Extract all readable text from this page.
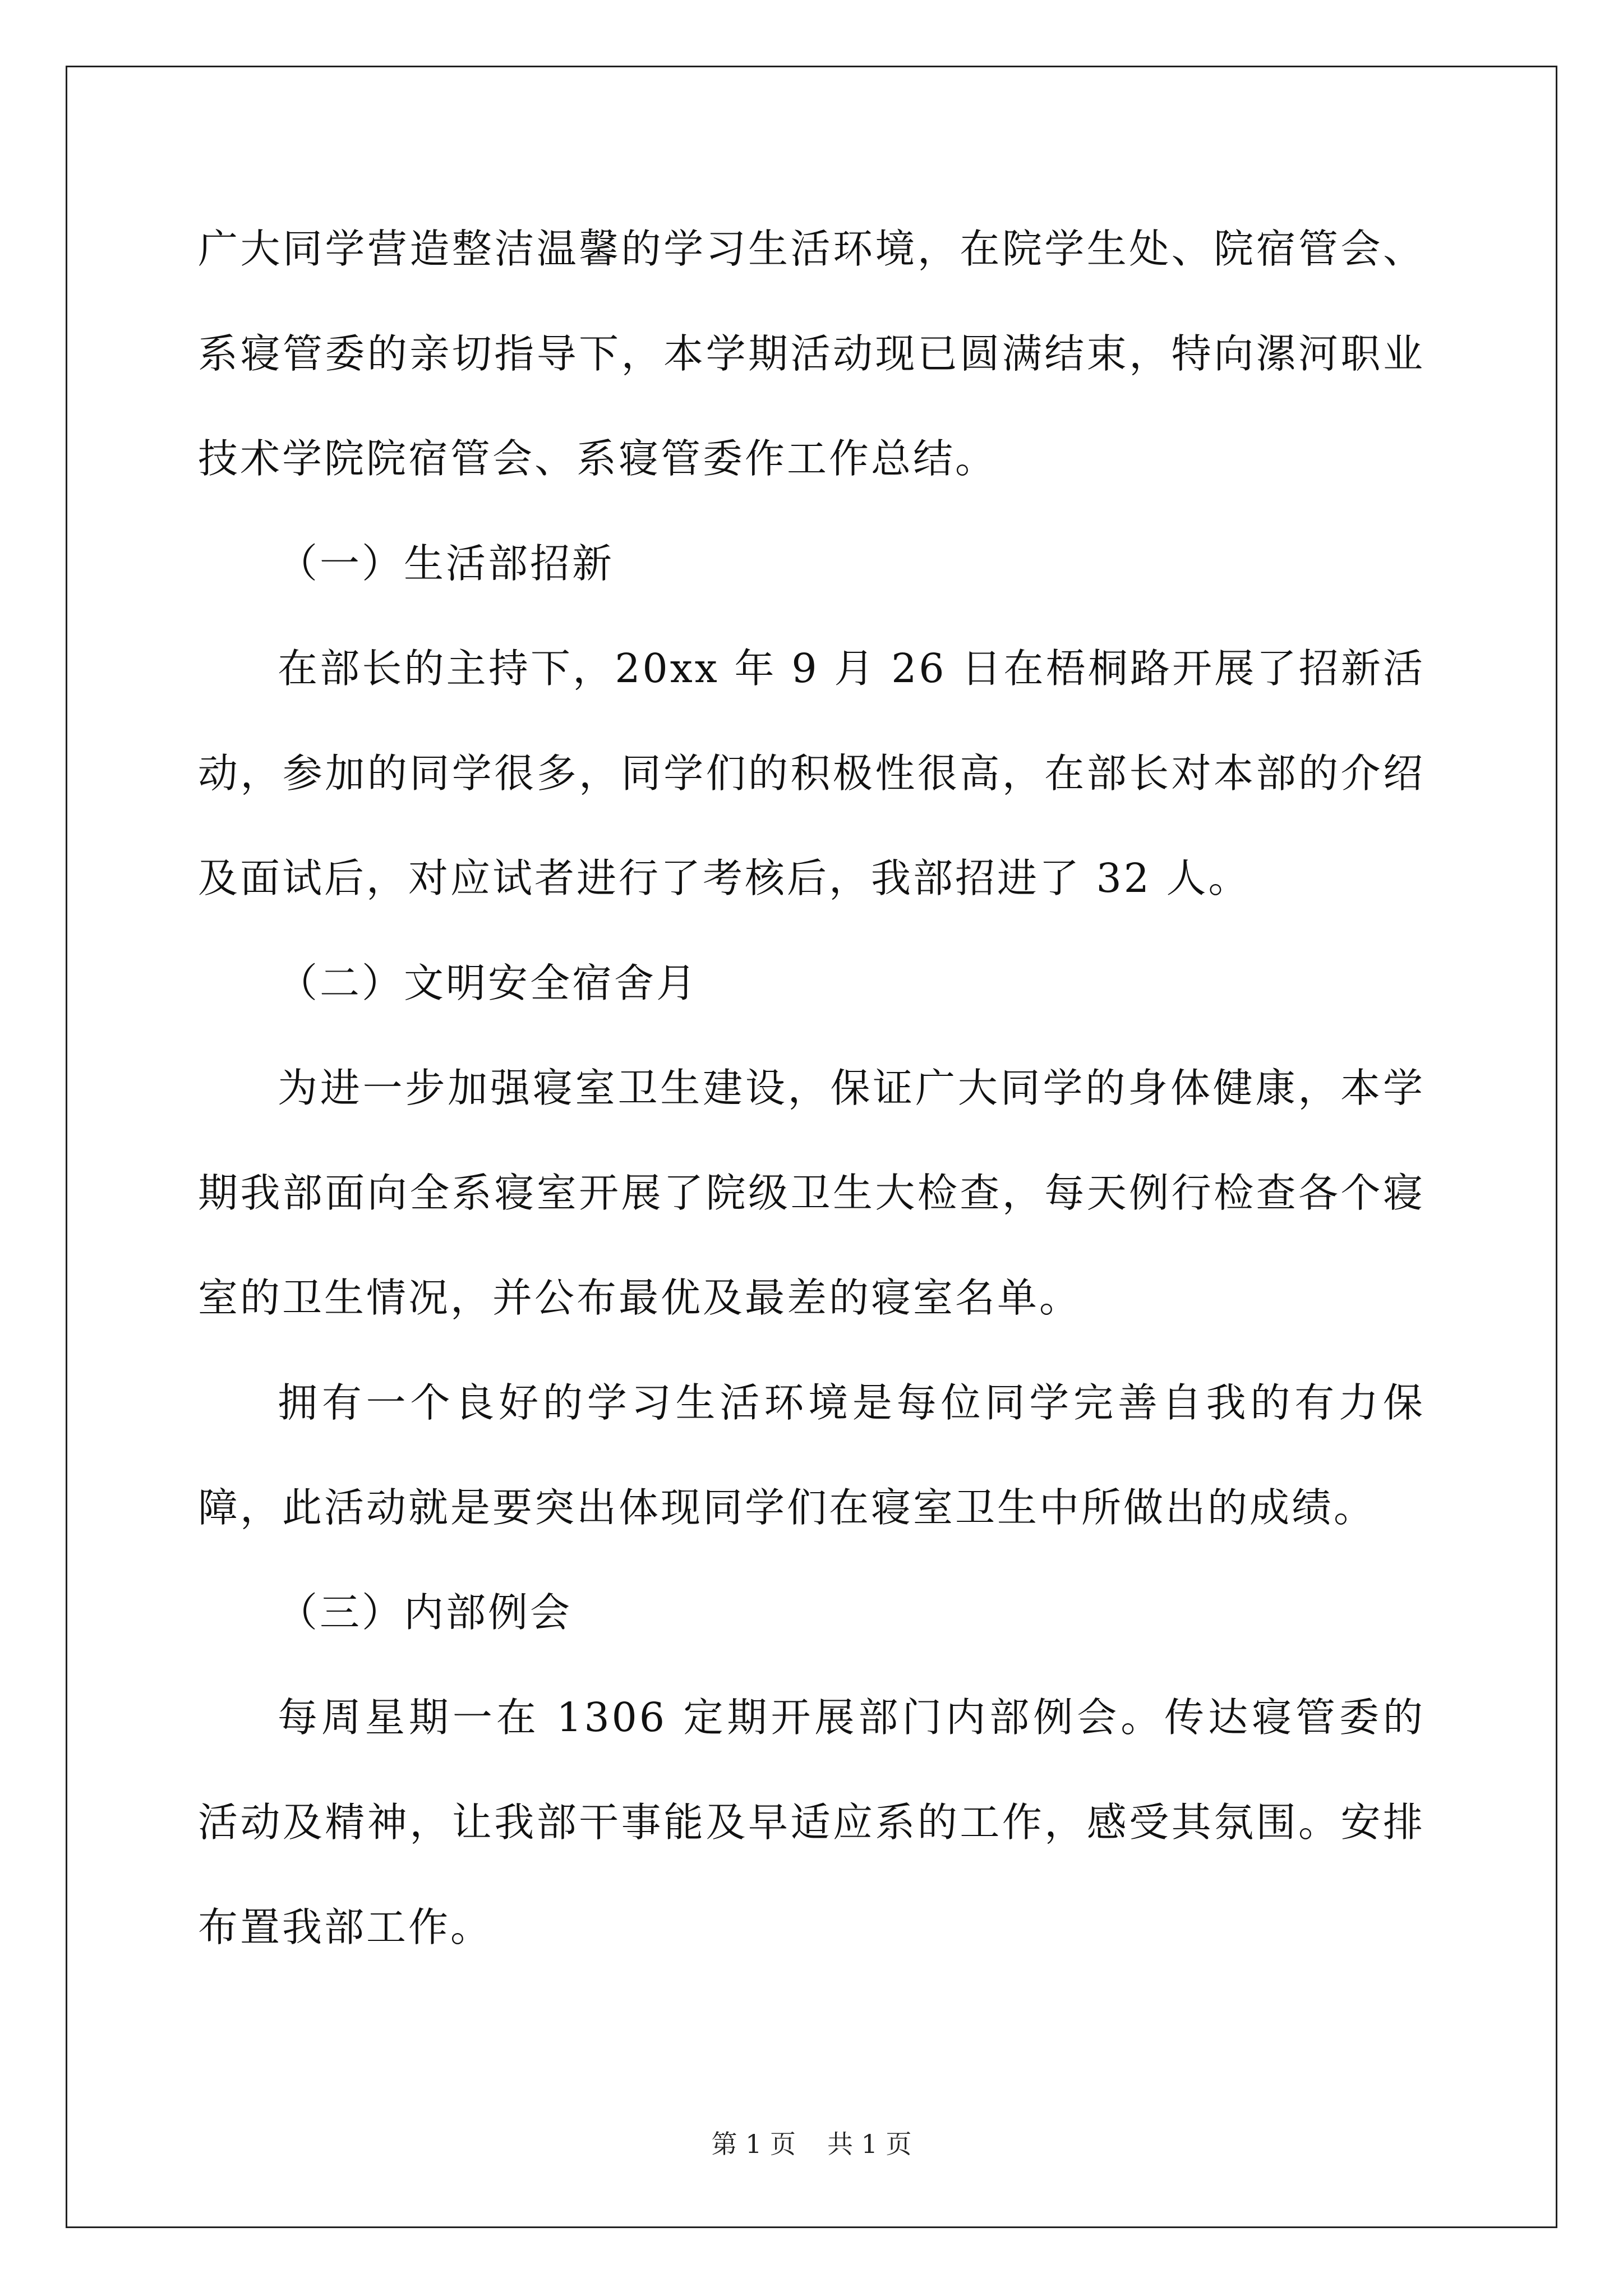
广大同学营造整洁温馨的学习生活环境，在院学生处、院宿管会、系寝管委的亲切指导下，本学期活动现已圆满结束，特向漯河职业技术学院院宿管会、系寝管委作工作总结。

（一）生活部招新

在部长的主持下，20xx 年 9 月 26 日在梧桐路开展了招新活动，参加的同学很多，同学们的积极性很高，在部长对本部的介绍及面试后，对应试者进行了考核后，我部招进了 32 人。

（二）文明安全宿舍月

为进一步加强寝室卫生建设，保证广大同学的身体健康，本学期我部面向全系寝室开展了院级卫生大检查，每天例行检查各个寝室的卫生情况，并公布最优及最差的寝室名单。

拥有一个良好的学习生活环境是每位同学完善自我的有力保障，此活动就是要突出体现同学们在寝室卫生中所做出的成绩。

（三）内部例会

每周星期一在 1306 定期开展部门内部例会。传达寝管委的活动及精神，让我部干事能及早适应系的工作，感受其氛围。安排布置我部工作。

第 1 页 共 1 页
